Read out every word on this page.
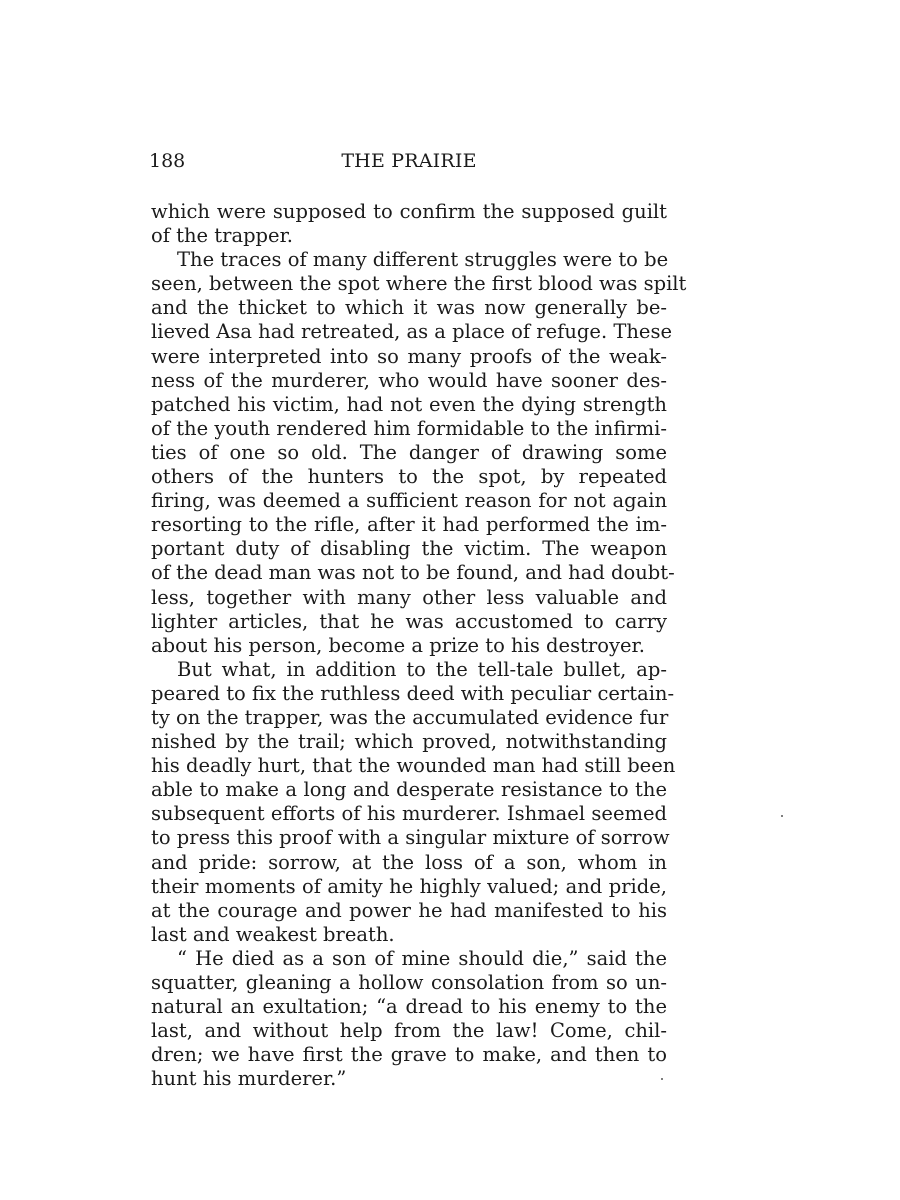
188	THE PRAIRIE
which were supposed to confirm the supposed guilt
of the trapper.
The traces of many different struggles were to be
seen, between the spot where the first blood was spilt
and the thicket to which it was now generally be-
lieved Asa had retreated, as a place of refuge. These
were interpreted into so many proofs of the weak-
ness of the murderer, who would have sooner des-
patched his victim, had not even the dying strength
of the youth rendered him formidable to the infirmi-
ties of one so old. The danger of drawing some
others of the hunters to the spot, by repeated
firing, was deemed a sufficient reason for not again
resorting to the rifle, after it had performed the im-
portant duty of disabling the victim. The weapon
of the dead man was not to be found, and had doubt-
less, together with many other less valuable and
lighter articles, that he was accustomed to carry
about his person, become a prize to his destroyer.
But what, in addition to the tell-tale bullet, ap-
peared to fix the ruthless deed with peculiar certain-
ty on the trapper, was the accumulated evidence fur
nished by the trail; which proved, notwithstanding
his deadly hurt, that the wounded man had still been
able to make a long and desperate resistance to the
subsequent efforts of his murderer. Ishmael seemed
to press this proof with a singular mixture of sorrow
and pride: sorrow, at the loss of a son, whom in
their moments of amity he highly valued; and pride,
at the courage and power he had manifested to his
last and weakest breath.
“ He died as a son of mine should die,” said the
squatter, gleaning a hollow consolation from so un-
natural an exultation; “a dread to his enemy to the
last, and without help from the law! Come, chil-
dren; we have first the grave to make, and then to
hunt his murderer.”
